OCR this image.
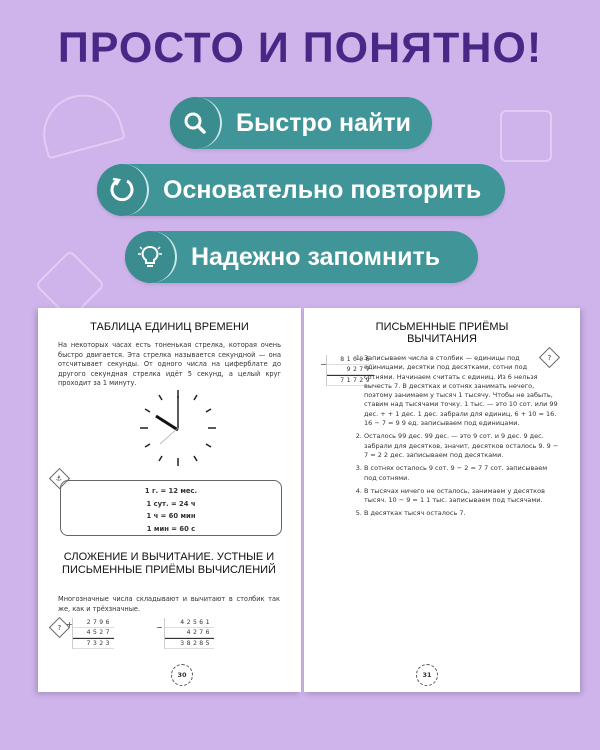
ПРОСТО И ПОНЯТНО!
Быстро найти
Основательно повторить
Надежно запомнить
ТАБЛИЦА ЕДИНИЦ ВРЕМЕНИ
На некоторых часах есть тоненькая стрелка, которая очень быстро двигается. Эта стрелка называется секундной — она отсчитывает секунды. От одного числа на циферблате до другого секундная стрелка идёт 5 секунд, а целый круг проходит за 1 минуту.
⚓
1 г. = 12 мес.
1 сут. = 24 ч
1 ч = 60 мин
1 мин = 60 с
СЛОЖЕНИЕ И ВЫЧИТАНИЕ. УСТНЫЕ И ПИСЬМЕННЫЕ ПРИЁМЫ ВЫЧИСЛЕНИЙ
Многозначные числа складывают и вычитают в столбик так же, как и трёхзначные.
? +	2796
4527
7323
−
42561
4276
38285
30
ПИСЬМЕННЫЕ ПРИЁМЫ ВЫЧИТАНИЯ
−
81006
9277
71729
?
1. Записываем числа в столбик — единицы под единицами, десятки под десятками, сотни под сотнями. Начинаем считать с единиц. Из 6 нельзя вычесть 7. В десятках и сотнях занимать нечего, поэтому занимаем у тысяч 1 тысячу. Чтобы не забыть, ставим над тысячами точку. 1 тыс. — это 10 сот. или 99 дес. + + 1 дес. 1 дес. забрали для единиц, 6 + 10 = 16. 16 − 7 = 9 9 ед. записываем под единицами.
2. Осталось 99 дес. 99 дес. — это 9 сот. и 9 дес. 9 дес. забрали для десятков, значит, десятков осталось 9. 9 − 7 = 2 2 дес. записываем под десятками.
3. В сотнях осталось 9 сот. 9 − 2 = 7 7 сот. записываем под сотнями.
4. В тысячах ничего не осталось, занимаем у десятков тысяч. 10 − 9 = 1 1 тыс. записываем под тысячами.
5. В десятках тысяч осталось 7.
31
